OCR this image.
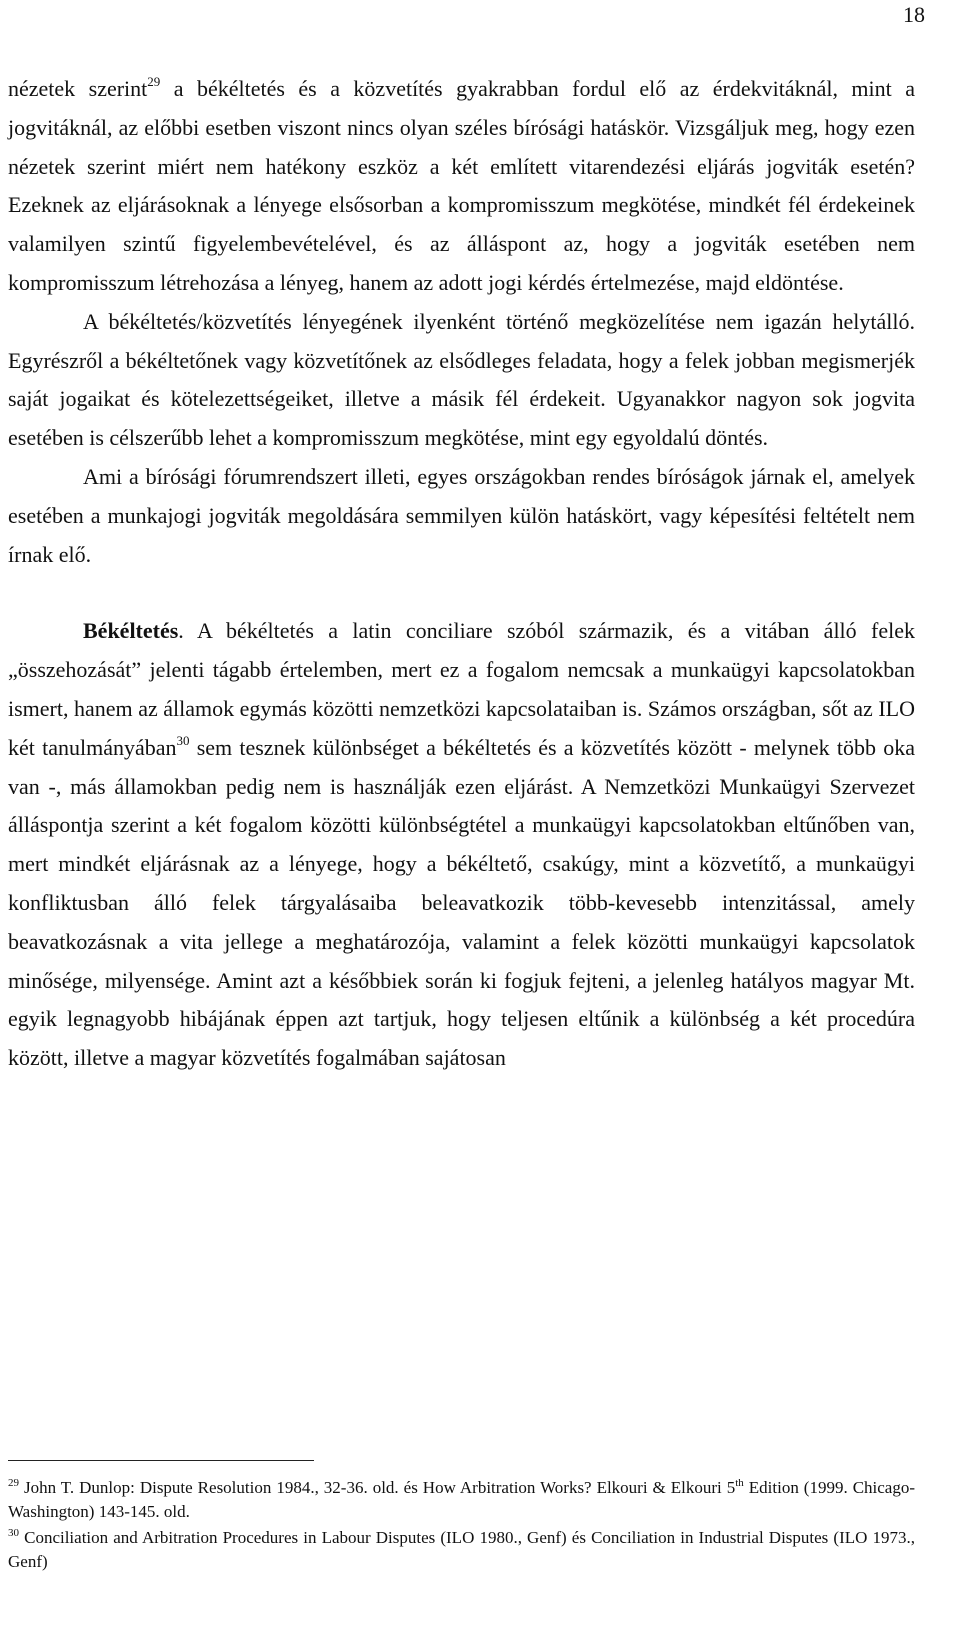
18

nézetek szerint$^{29}$ a békéltetés és a közvetítés gyakrabban fordul elő az érdekvitáknál, mint a jogvitáknál, az előbbi esetben viszont nincs olyan széles bírósági hatáskör. Vizsgáljuk meg, hogy ezen nézetek szerint miért nem hatékony eszköz a két említett vitarendezési eljárás jogviták esetén? Ezeknek az eljárásoknak a lényege elsősorban a kompromisszum megkötése, mindkét fél érdekeinek valamilyen szintű figyelembevételével, és az álláspont az, hogy a jogviták esetében nem kompromisszum létrehozása a lényeg, hanem az adott jogi kérdés értelmezése, majd eldöntése.

A békéltetés/közvetítés lényegének ilyenként történő megközelítése nem igazán helytálló. Egyrészről a békéltetőnek vagy közvetítőnek az elsődleges feladata, hogy a felek jobban megismerjék saját jogaikat és kötelezettségeiket, illetve a másik fél érdekeit. Ugyanakkor nagyon sok jogvita esetében is célszerűbb lehet a kompromisszum megkötése, mint egy egyoldalú döntés.

Ami a bírósági fórumrendszert illeti, egyes országokban rendes bíróságok járnak el, amelyek esetében a munkajogi jogviták megoldására semmilyen külön hatáskört, vagy képesítési feltételt nem írnak elő.

Békéltetés. A békéltetés a latin conciliare szóból származik, és a vitában álló felek „összehozását” jelenti tágabb értelemben, mert ez a fogalom nemcsak a munkaügyi kapcsolatokban ismert, hanem az államok egymás közötti nemzetközi kapcsolataiban is. Számos országban, sőt az ILO két tanulmányában$^{30}$ sem tesznek különbséget a békéltetés és a közvetítés között - melynek több oka van -, más államokban pedig nem is használják ezen eljárást. A Nemzetközi Munkaügyi Szervezet álláspontja szerint a két fogalom közötti különbségtétel a munkaügyi kapcsolatokban eltűnőben van, mert mindkét eljárásnak az a lényege, hogy a békéltető, csakúgy, mint a közvetítő, a munkaügyi konfliktusban álló felek tárgyalásaiba beleavatkozik több-kevesebb intenzitással, amely beavatkozásnak a vita jellege a meghatározója, valamint a felek közötti munkaügyi kapcsolatok minősége, milyensége. Amint azt a későbbiek során ki fogjuk fejteni, a jelenleg hatályos magyar Mt. egyik legnagyobb hibájának éppen azt tartjuk, hogy teljesen eltűnik a különbség a két procedúra között, illetve a magyar közvetítés fogalmában sajátosan

$^{29}$ John T. Dunlop: Dispute Resolution 1984., 32-36. old. és How Arbitration Works? Elkouri & Elkouri 5th Edition (1999. Chicago-Washington) 143-145. old.

$^{30}$ Conciliation and Arbitration Procedures in Labour Disputes (ILO 1980., Genf) és Conciliation in Industrial Disputes (ILO 1973., Genf)
